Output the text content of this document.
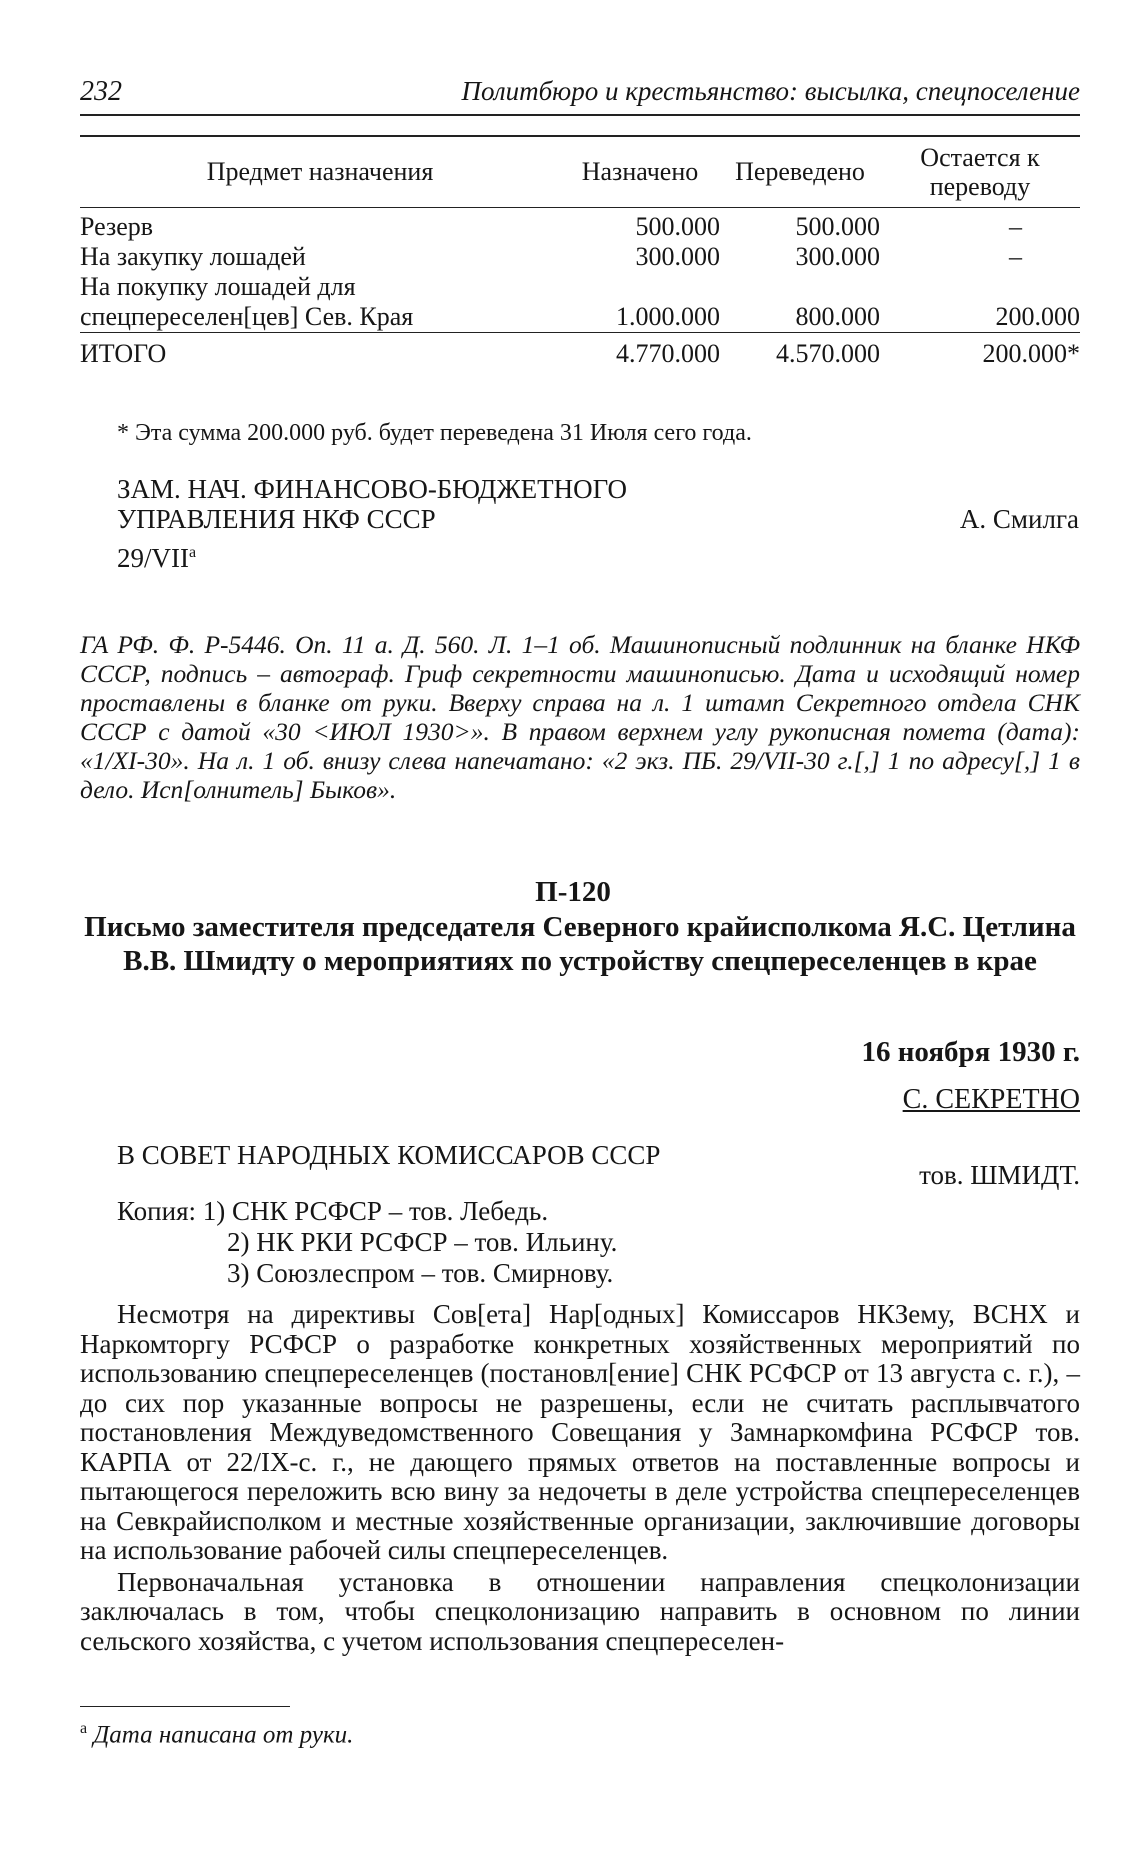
232	Политбюро и крестьянство: высылка, спецпоселение
Предмет назначения	Назначено	Переведено	Остается к переводу
Резерв	500.000	500.000	–
На закупку лошадей	300.000	300.000	–
На покупку лошадей для спецпереселен[цев] Сев. Края	1.000.000	800.000	200.000
ИТОГО	4.770.000	4.570.000	200.000*
* Эта сумма 200.000 руб. будет переведена 31 Июля сего года.
ЗАМ. НАЧ. ФИНАНСОВО-БЮДЖЕТНОГО
УПРАВЛЕНИЯ НКФ СССР	А. Смилга
$29/VII^а$
ГА РФ. Ф. Р-5446. Оп. 11 а. Д. 560. Л. 1–1 об. Машинописный подлинник на бланке НКФ СССР, подпись – автограф. Гриф секретности машинописью. Дата и исходящий номер проставлены в бланке от руки. Вверху справа на л. 1 штамп Секретного отдела СНК СССР с датой «30 <ИЮЛ 1930>». В правом верхнем углу рукописная помета (дата): «1/XI-30». На л. 1 об. внизу слева напечатано: «2 экз. ПБ. 29/VII-30 г.[,] 1 по адресу[,] 1 в дело. Исп[олнитель] Быков».
П-120
Письмо заместителя председателя Северного крайисполкома Я.С. Цетлина В.В. Шмидту о мероприятиях по устройству спецпереселенцев в крае
16 ноября 1930 г.
С. СЕКРЕТНО
В СОВЕТ НАРОДНЫХ КОМИССАРОВ СССР
тов. ШМИДТ.
Копия: 1) СНК РСФСР – тов. Лебедь.
2) НК РКИ РСФСР – тов. Ильину.
3) Союзлеспром – тов. Смирнову.

Несмотря на директивы Сов[ета] Нар[одных] Комиссаров НКЗему, ВСНХ и Наркомторгу РСФСР о разработке конкретных хозяйственных мероприятий по использованию спецпереселенцев (постановл[ение] СНК РСФСР от 13 августа с. г.), – до сих пор указанные вопросы не разрешены, если не считать расплывчатого постановления Междуведомственного Совещания у Замнаркомфина РСФСР тов. КАРПА от 22/IX-с. г., не дающего прямых ответов на поставленные вопросы и пытающегося переложить всю вину за недочеты в деле устройства спецпереселенцев на Севкрайисполком и местные хозяйственные организации, заключившие договоры на использование рабочей силы спецпереселенцев.

Первоначальная установка в отношении направления спецколонизации заключалась в том, чтобы спецколонизацию направить в основном по линии сельского хозяйства, с учетом использования спецпереселен-

$^а$ Дата написана от руки.
